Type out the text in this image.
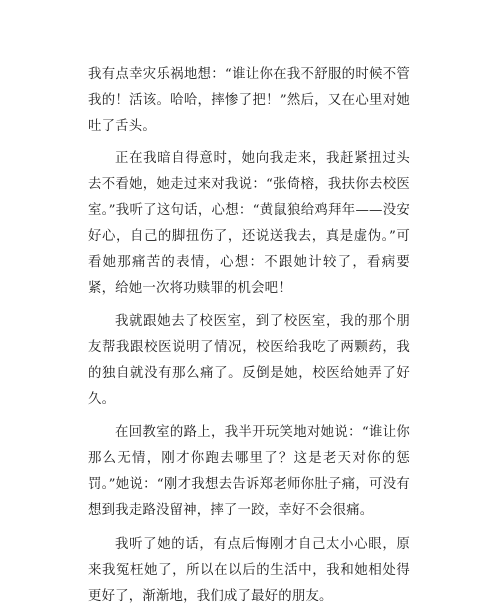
我有点幸灾乐祸地想：“谁让你在我不舒服的时候不管我的！活该。哈哈，摔惨了把！”然后，又在心里对她吐了舌头。

正在我暗自得意时，她向我走来，我赶紧扭过头去不看她，她走过来对我说：“张倚榕，我扶你去校医室。”我听了这句话，心想：“黄鼠狼给鸡拜年——没安好心，自己的脚扭伤了，还说送我去，真是虚伪。”可看她那痛苦的表情，心想：不跟她计较了，看病要紧，给她一次将功赎罪的机会吧！

我就跟她去了校医室，到了校医室，我的那个朋友帮我跟校医说明了情况，校医给我吃了两颗药，我的独自就没有那么痛了。反倒是她，校医给她弄了好久。

在回教室的路上，我半开玩笑地对她说：“谁让你那么无情，刚才你跑去哪里了？这是老天对你的惩罚。”她说：“刚才我想去告诉郑老师你肚子痛，可没有想到我走路没留神，摔了一跤，幸好不会很痛。

我听了她的话，有点后悔刚才自己太小心眼，原来我冤枉她了，所以在以后的生活中，我和她相处得更好了，渐渐地，我们成了最好的朋友。
